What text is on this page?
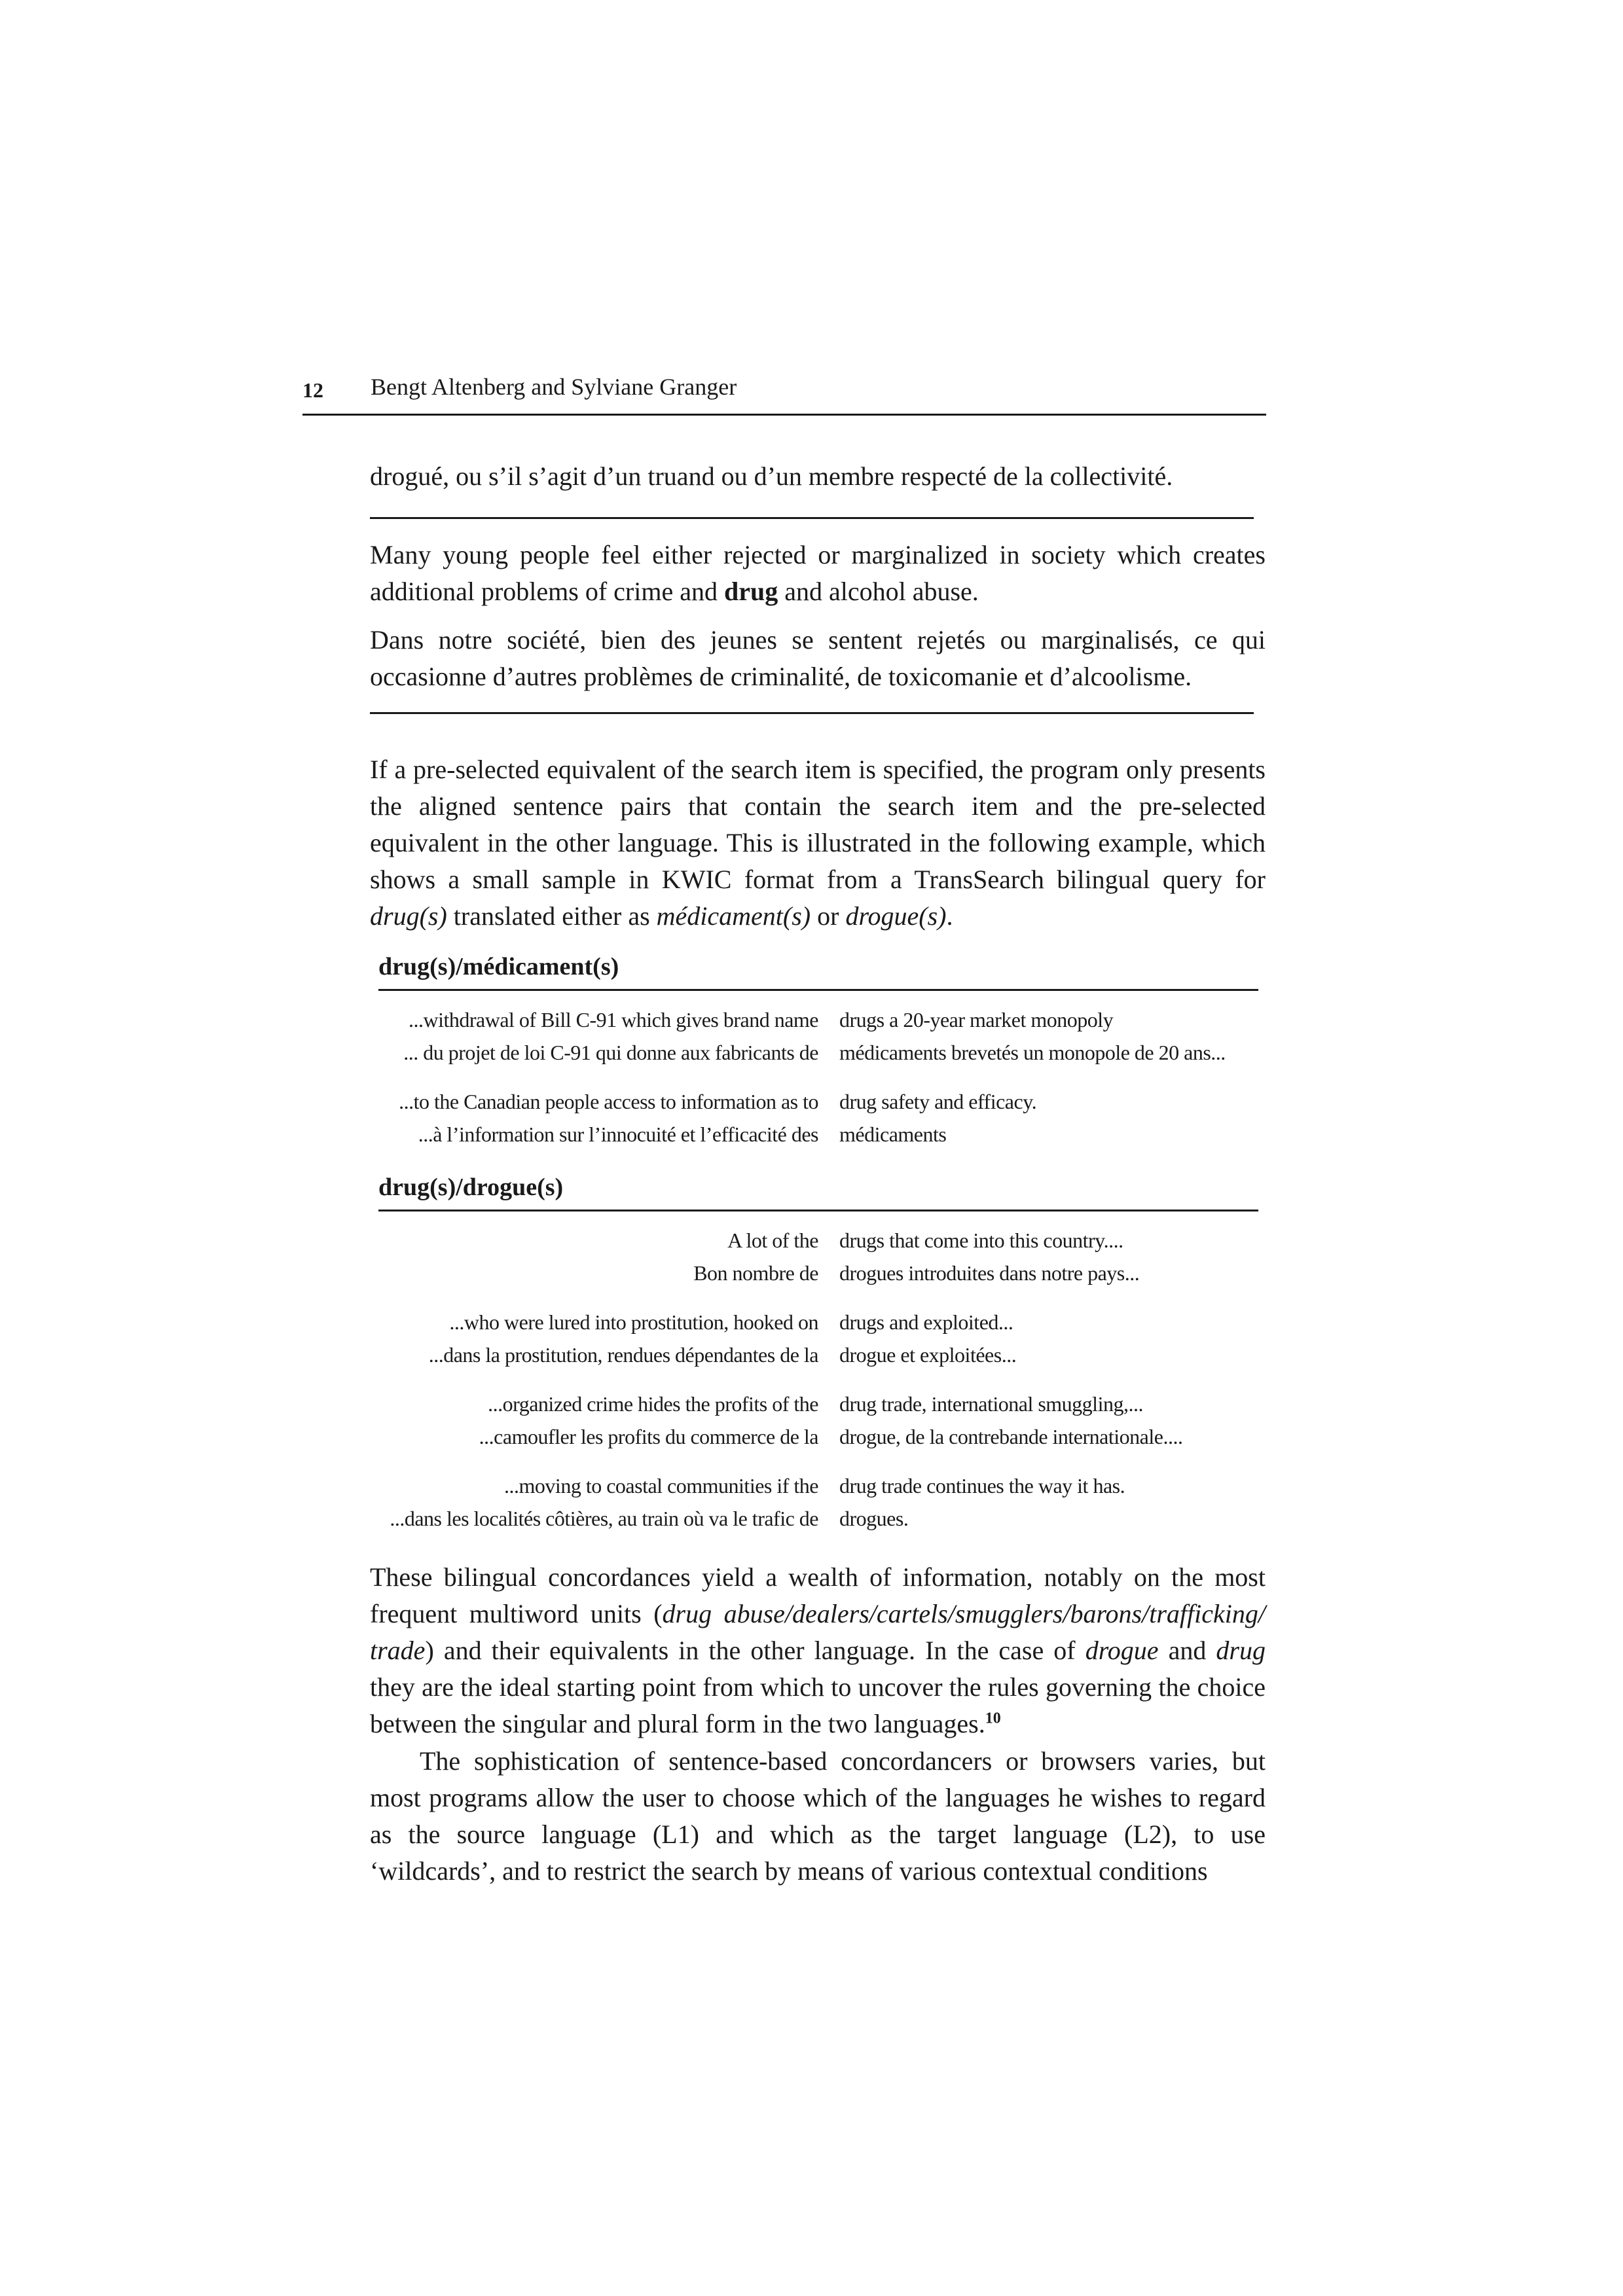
12 Bengt Altenberg and Sylviane Granger

drogué, ou s’il s’agit d’un truand ou d’un membre respecté de la collectivité.

Many young people feel either rejected or marginalized in society which creates additional problems of crime and drug and alcohol abuse.

Dans notre société, bien des jeunes se sentent rejetés ou marginalisés, ce qui occasionne d’autres problèmes de criminalité, de toxicomanie et d’alcoolisme.

If a pre-selected equivalent of the search item is specified, the program only presents the aligned sentence pairs that contain the search item and the pre-selected equivalent in the other language. This is illustrated in the following example, which shows a small sample in KWIC format from a TransSearch bilingual query for drug(s) translated either as médicament(s) or drogue(s).

drug(s)/médicament(s)
...withdrawal of Bill C-91 which gives brand name	drugs a 20-year market monopoly
... du projet de loi C-91 qui donne aux fabricants de	médicaments brevetés un monopole de 20 ans...
...to the Canadian people access to information as to	drug safety and efficacy.
...à l’information sur l’innocuité et l’efficacité des	médicaments
drug(s)/drogue(s)
A lot of the	drugs that come into this country....
Bon nombre de	drogues introduites dans notre pays...
...who were lured into prostitution, hooked on	drugs and exploited...
...dans la prostitution, rendues dépendantes de la	drogue et exploitées...
...organized crime hides the profits of the	drug trade, international smuggling,...
...camoufler les profits du commerce de la	drogue, de la contrebande internationale....
...moving to coastal communities if the	drug trade continues the way it has.
...dans les localités côtières, au train où va le trafic de	drogues.

These bilingual concordances yield a wealth of information, notably on the most frequent multiword units (drug abuse/dealers/cartels/smugglers/barons/trafficking/ trade) and their equivalents in the other language. In the case of drogue and drug they are the ideal starting point from which to uncover the rules governing the choice between the singular and plural form in the two languages.$^{10}$

The sophistication of sentence-based concordancers or browsers varies, but most programs allow the user to choose which of the languages he wishes to regard as the source language (L1) and which as the target language (L2), to use ‘wildcards’, and to restrict the search by means of various contextual conditions
